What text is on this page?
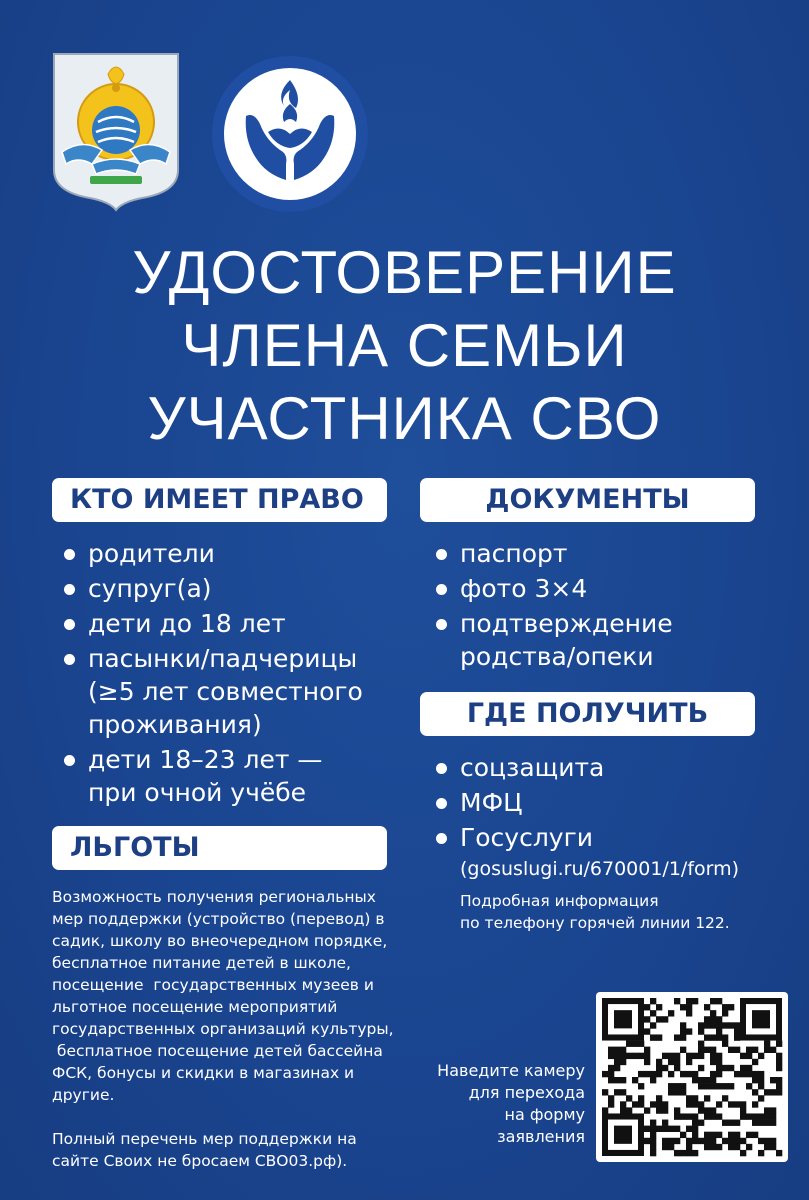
УДОСТОВЕРЕНИЕ
ЧЛЕНА СЕМЬИ
УЧАСТНИКА СВО
КТО ИМЕЕТ ПРАВО
родители
супруг(а)
дети до 18 лет
пасынки/падчерицы
(≥5 лет совместного
проживания)
дети 18–23 лет —
при очной учёбе
ДОКУМЕНТЫ
паспорт
фото 3×4
подтверждение
родства/опеки
ГДЕ ПОЛУЧИТЬ
соцзащита
МФЦ
Госуслуги
(gosuslugi.ru/670001/1/form)
Подробная информация
по телефону горячей линии 122.
ЛЬГОТЫ
Возможность получения региональных
мер поддержки (устройство (перевод) в
садик, школу во внеочередном порядке,
бесплатное питание детей в школе,
посещение  государственных музеев и
льготное посещение мероприятий
государственных организаций культуры,
бесплатное посещение детей бассейна
ФСК, бонусы и скидки в магазинах и
другие.
Полный перечень мер поддержки на
сайте Своих не бросаем СВО03.рф).
Наведите камеру
для перехода
на форму
заявления
